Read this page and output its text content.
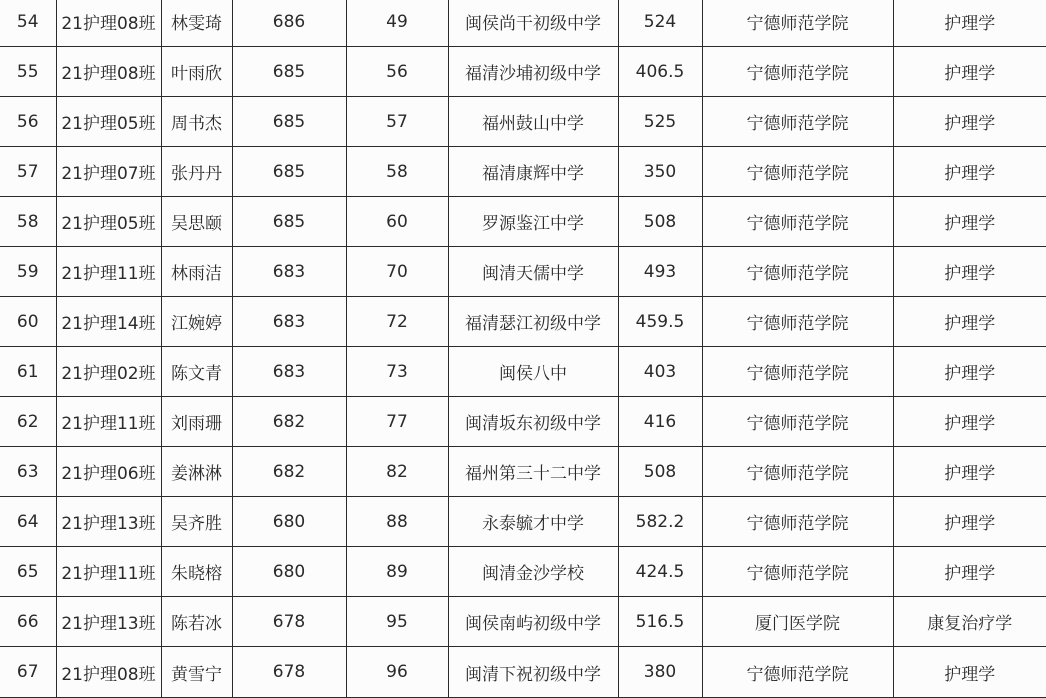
54	21护理08班	林雯琦	686	49	闽侯尚干初级中学	524	宁德师范学院	护理学
55	21护理08班	叶雨欣	685	56	福清沙埔初级中学	406.5	宁德师范学院	护理学
56	21护理05班	周书杰	685	57	福州鼓山中学	525	宁德师范学院	护理学
57	21护理07班	张丹丹	685	58	福清康辉中学	350	宁德师范学院	护理学
58	21护理05班	吴思颐	685	60	罗源鉴江中学	508	宁德师范学院	护理学
59	21护理11班	林雨洁	683	70	闽清天儒中学	493	宁德师范学院	护理学
60	21护理14班	江婉婷	683	72	福清瑟江初级中学	459.5	宁德师范学院	护理学
61	21护理02班	陈文青	683	73	闽侯八中	403	宁德师范学院	护理学
62	21护理11班	刘雨珊	682	77	闽清坂东初级中学	416	宁德师范学院	护理学
63	21护理06班	姜淋淋	682	82	福州第三十二中学	508	宁德师范学院	护理学
64	21护理13班	吴齐胜	680	88	永泰毓才中学	582.2	宁德师范学院	护理学
65	21护理11班	朱晓榕	680	89	闽清金沙学校	424.5	宁德师范学院	护理学
66	21护理13班	陈若冰	678	95	闽侯南屿初级中学	516.5	厦门医学院	康复治疗学
67	21护理08班	黄雪宁	678	96	闽清下祝初级中学	380	宁德师范学院	护理学
